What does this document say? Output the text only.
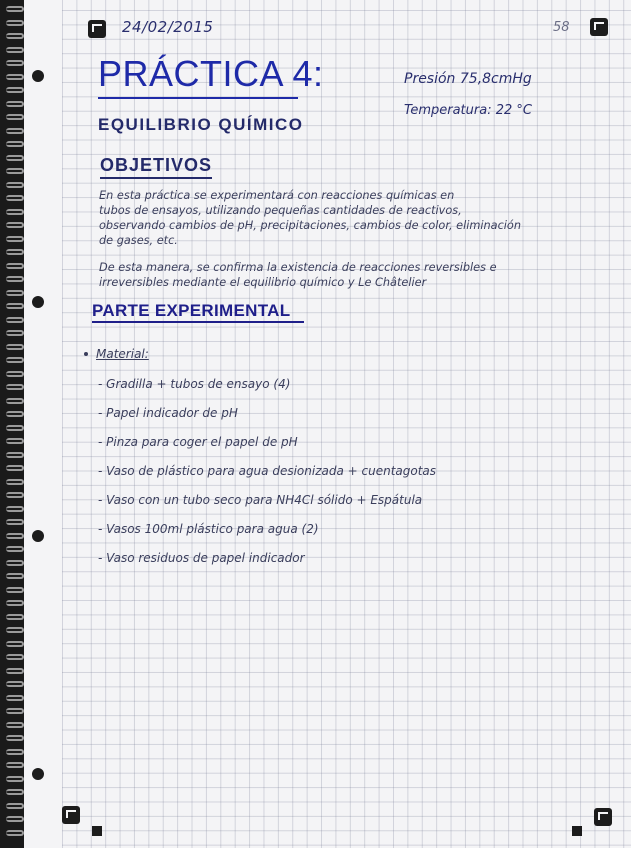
24/02/2015	58
PRÁCTICA 4:
EQUILIBRIO QUÍMICO
Presión 75,8cmHg
Temperatura: 22 °C
OBJETIVOS
En esta práctica se experimentará con reacciones químicas en
tubos de ensayos, utilizando pequeñas cantidades de reactivos,
observando cambios de pH, precipitaciones, cambios de color, eliminación
de gases, etc.
De esta manera, se confirma la existencia de reacciones reversibles e
irreversibles mediante el equilibrio químico y Le Châtelier
PARTE EXPERIMENTAL
Material:
- Gradilla + tubos de ensayo (4)
- Papel indicador de pH
- Pinza para coger el papel de pH
- Vaso de plástico para agua desionizada + cuentagotas
- Vaso con un tubo seco para NH4Cl sólido + Espátula
- Vasos 100ml plástico para agua (2)
- Vaso residuos de papel indicador
